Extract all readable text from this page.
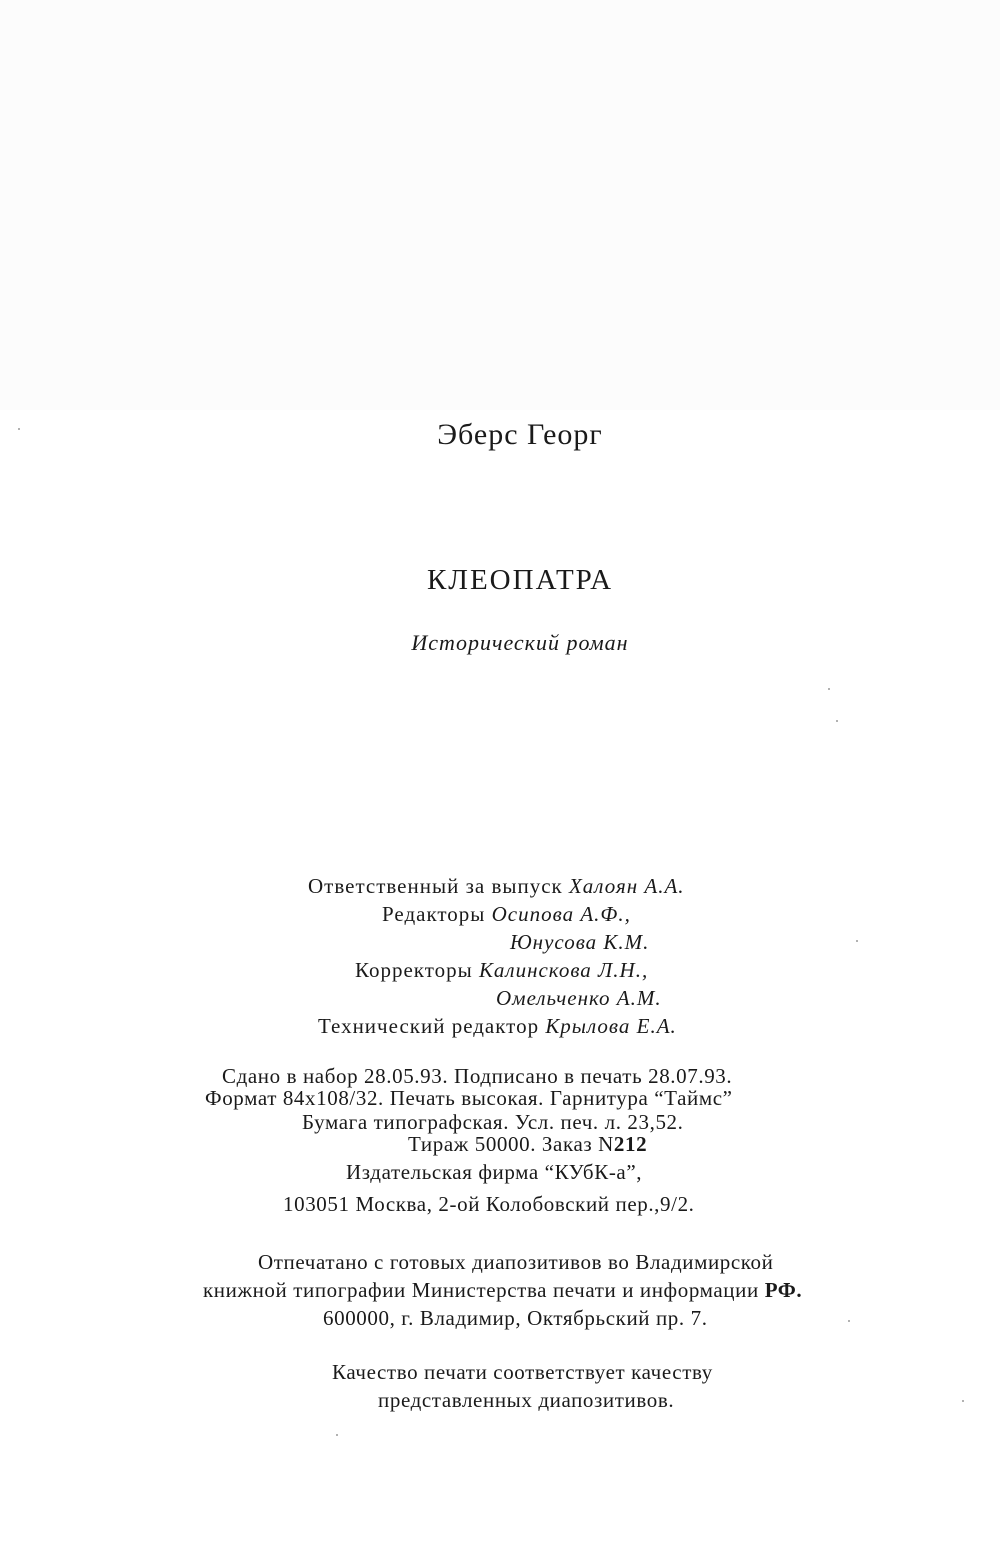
Эберс Георг
КЛЕОПАТРА
Исторический роман
Ответственный за выпуск Халоян А.А.
Редакторы Осипова А.Ф.,
Юнусова К.М.
Корректоры Калинскова Л.Н.,
Омельченко А.М.
Технический редактор Крылова Е.А.
Сдано в набор 28.05.93. Подписано в печать 28.07.93.
Формат 84x108/32. Печать высокая. Гарнитура “Таймс”
Бумага типографская. Усл. печ. л. 23,52.
Тираж 50000. Заказ N212
Издательская фирма “КУбК-а”,
103051 Москва, 2-ой Колобовский пер.,9/2.
Отпечатано с готовых диапозитивов во Владимирской
книжной типографии Министерства печати и информации РФ.
600000, г. Владимир, Октябрьский пр. 7.
Качество печати соответствует качеству
представленных диапозитивов.
